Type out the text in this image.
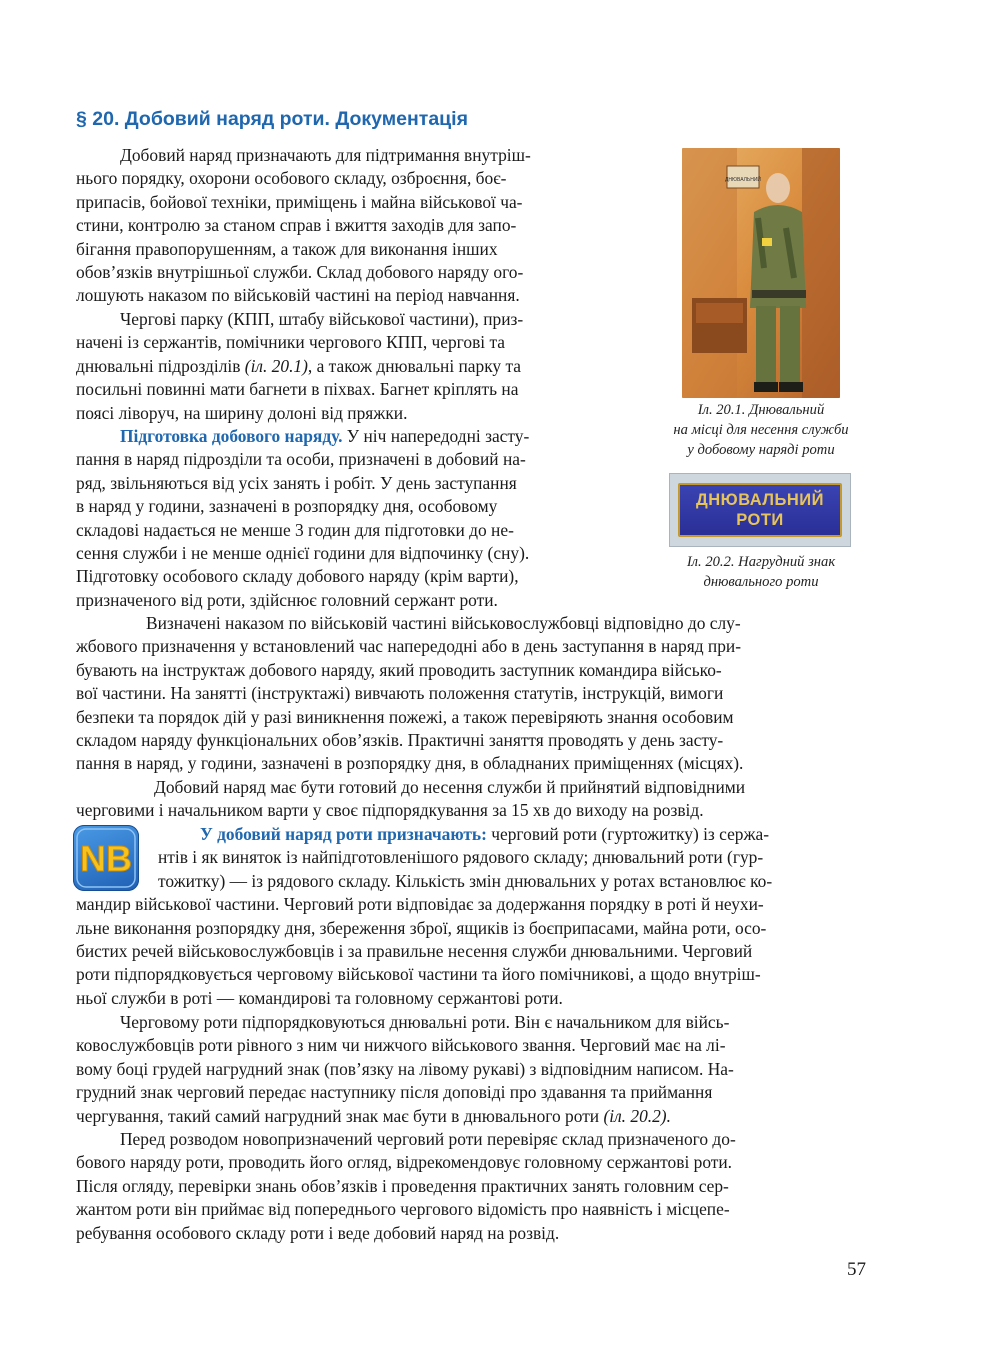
§ 20. Добовий наряд роти. Документація
Добовий наряд призначають для підтримання внутріш-
нього порядку, охорони особового складу, озброєння, боє-
припасів, бойової техніки, приміщень і майна військової ча-
стини, контролю за станом справ і вжиття заходів для запо-
бігання правопорушенням, а також для виконання інших
обов’язків внутрішньої служби. Склад добового наряду ого-
лошують наказом по військовій частині на період навчання.
Чергові парку (КПП, штабу військової частини), приз-
начені із сержантів, помічники чергового КПП, чергові та
днювальні підрозділів (іл. 20.1), а також днювальні парку та
посильні повинні мати багнети в піхвах. Багнет кріплять на
поясі ліворуч, на ширину долоні від пряжки.
Підготовка добового наряду. У ніч напередодні засту-
пання в наряд підрозділи та особи, призначені в добовий на-
ряд, звільняються від усіх занять і робіт. У день заступання
в наряд у години, зазначені в розпорядку дня, особовому
складові надається не менше 3 годин для підготовки до не-
сення служби і не менше однієї години для відпочинку (сну).
Підготовку особового складу добового наряду (крім варти),
призначеного від роти, здійснює головний сержант роти.
Визначені наказом по військовій частині військовослужбовці відповідно до слу-
жбового призначення у встановлений час напередодні або в день заступання в наряд при-
бувають на інструктаж добового наряду, який проводить заступник командира військо-
вої частини. На занятті (інструктажі) вивчають положення статутів, інструкцій, вимоги
безпеки та порядок дій у разі виникнення пожежі, а також перевіряють знання особовим
складом наряду функціональних обов’язків. Практичні заняття проводять у день засту-
пання в наряд, у години, зазначені в розпорядку дня, в обладнаних приміщеннях (місцях).
Добовий наряд має бути готовий до несення служби й прийнятий відповідними
черговими і начальником варти у своє підпорядкування за 15 хв до виходу на розвід.
NB
У добовий наряд роти призначають: черговий роти (гуртожитку) із сержа-
нтів і як виняток із найпідготовленішого рядового складу; днювальний роти (гур-
тожитку) — із рядового складу. Кількість змін днювальних у ротах встановлює ко-
мандир військової частини. Черговий роти відповідає за додержання порядку в роті й неухи-
льне виконання розпорядку дня, збереження зброї, ящиків із боєприпасами, майна роти, осо-
бистих речей військовослужбовців і за правильне несення служби днювальними. Черговий
роти підпорядковується черговому військової частини та його помічникові, а щодо внутріш-
ньої служби в роті — командирові та головному сержантові роти.
Черговому роти підпорядковуються днювальні роти. Він є начальником для війсь-
ковослужбовців роти рівного з ним чи нижчого військового звання. Черговий має на лі-
вому боці грудей нагрудний знак (пов’язку на лівому рукаві) з відповідним написом. На-
грудний знак черговий передає наступнику після доповіді про здавання та приймання
чергування, такий самий нагрудний знак має бути в днювального роти (іл. 20.2).
Перед розводом новопризначений черговий роти перевіряє склад призначеного до-
бового наряду роти, проводить його огляд, відрекомендовує головному сержантові роти.
Після огляду, перевірки знань обов’язків і проведення практичних занять головним сер-
жантом роти він приймає від попереднього чергового відомість про наявність і місцепе-
ребування особового складу роти і веде добовий наряд на розвід.
ДНЮВАЛЬНИЙ
Іл. 20.1. Днювальний
на місці для несення служби
у добовому наряді роти
ДНЮВАЛЬНИЙ
РОТИ
Іл. 20.2. Нагрудний знак
днювального роти
57
